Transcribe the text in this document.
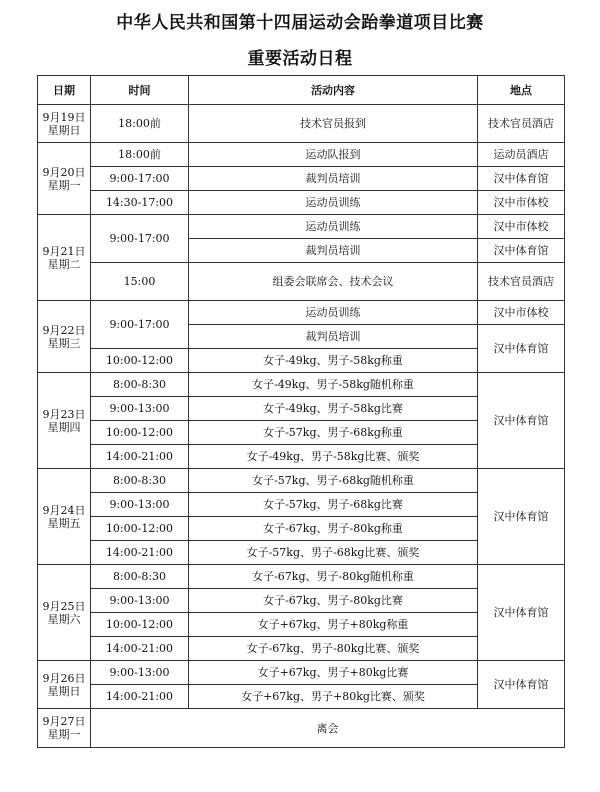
中华人民共和国第十四届运动会跆拳道项目比赛
重要活动日程
日期	时间	活动内容	地点

9月19日
星期日	18:00前	技术官员报到	技术官员酒店

9月20日
星期一	18:00前	运动队报到	运动员酒店
	9:00-17:00	裁判员培训	汉中体育馆
	14:30-17:00	运动员训练	汉中市体校

9月21日
星期二	9:00-17:00	运动员训练	汉中市体校
		裁判员培训	汉中体育馆
	15:00	组委会联席会、技术会议	技术官员酒店

9月22日
星期三	9:00-17:00	运动员训练	汉中市体校
		裁判员培训	汉中体育馆
	10:00-12:00	女子-49kg、男子-58kg称重	

9月23日
星期四	8:00-8:30	女子-49kg、男子-58kg随机称重	汉中体育馆
	9:00-13:00	女子-49kg、男子-58kg比赛	
	10:00-12:00	女子-57kg、男子-68kg称重	
	14:00-21:00	女子-49kg、男子-58kg比赛、颁奖	

9月24日
星期五	8:00-8:30	女子-57kg、男子-68kg随机称重	汉中体育馆
	9:00-13:00	女子-57kg、男子-68kg比赛	
	10:00-12:00	女子-67kg、男子-80kg称重	
	14:00-21:00	女子-57kg、男子-68kg比赛、颁奖	

9月25日
星期六	8:00-8:30	女子-67kg、男子-80kg随机称重	汉中体育馆
	9:00-13:00	女子-67kg、男子-80kg比赛	
	10:00-12:00	女子+67kg、男子+80kg称重	
	14:00-21:00	女子-67kg、男子-80kg比赛、颁奖	

9月26日
星期日	9:00-13:00	女子+67kg、男子+80kg比赛	汉中体育馆
	14:00-21:00	女子+67kg、男子+80kg比赛、颁奖	

9月27日
星期一	离会		
